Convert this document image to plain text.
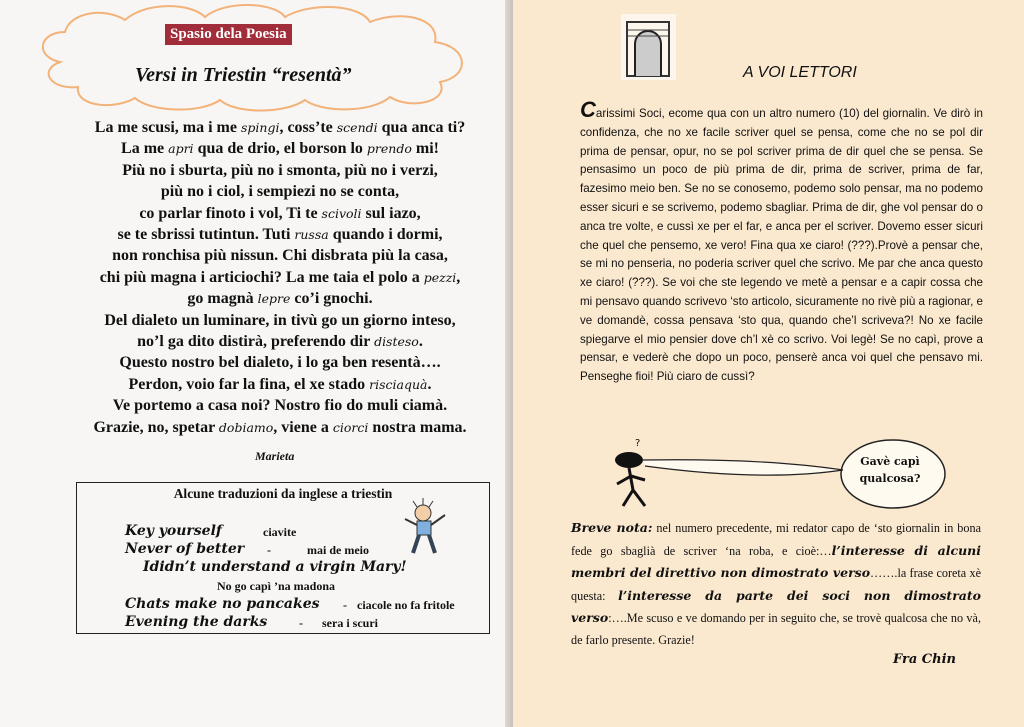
Spasio dela Poesia
Versi in Triestin “resentà”
La me scusi, ma i me spingi, coss’te scendi qua anca ti?
La me apri qua de drio, el borson lo prendo mi!
Più no i sburta, più no i smonta, più no i verzi,
più no i ciol, i sempiezi no se conta,
co parlar finoto i vol, Ti te scivoli sul iazo,
se te sbrissi tutintun. Tuti russa quando i dormi,
non ronchisa più nissun. Chi disbrata più la casa,
chi più magna i articiochi? La me taia el polo a pezzi,
go magnà lepre co’i gnochi.
Del dialeto un luminare, in tivù go un giorno inteso,
no’l ga dito distirà, preferendo dir disteso.
Questo nostro bel dialeto, i lo ga ben resentà….
Perdon, voio far la fina, el xe stado risciaquà.
Ve portemo a casa noi? Nostro fio do muli ciamà.
Grazie, no, spetar dobiamo, viene a ciorci nostra mama.
Marieta
Alcune traduzioni da inglese a triestin
Key yourself	ciavite
Never of better -	mai de meio
Ididn’t understand a virgin Mary!
No go capì ’na madona
Chats make no pancakes - ciacole no fa fritole
Evening the darks	- sera i scuri
A VOI LETTORI
Carissimi Soci, ecome qua con un altro numero (10) del giornalin. Ve dirò in confidenza, che no xe facile scriver quel se pensa, come che no se pol dir prima de pensar, opur, no se pol scriver prima de dir quel che se pensa. Se pensasimo un poco de più prima de dir, prima de scriver, prima de far, fazesimo meio ben. Se no se conosemo, podemo solo pensar, ma no podemo esser sicuri e se scrivemo, podemo sbagliar. Prima de dir, ghe vol pensar do o anca tre volte, e cussì xe per el far, e anca per el scriver. Dovemo esser sicuri che quel che pensemo, xe vero! Fina qua xe ciaro! (???).Provè a pensar che, se mi no penseria, no poderia scriver quel che scrivo. Me par che anca questo xe ciaro! (???). Se voi che ste legendo ve metè a pensar e a capir cossa che mi pensavo quando scrivevo ‘sto articolo, sicuramente no rivè più a ragionar, e ve domandè, cossa pensava ‘sto qua, quando che’l scriveva?! No xe facile spiegarve el mio pensier dove ch’l xè co scrivo. Voi legè! Se no capì, prove a pensar, e vederè che dopo un poco, penserè anca voi quel che pensavo mi. Penseghe fioi! Più ciaro de cussì?
?
Gavè capì
qualcosa?
Breve nota: nel numero precedente, mi redator capo de ‘sto giornalin in bona fede go sbaglià de scriver ‘na roba, e cioè:…l’interesse di alcuni membri del direttivo non dimostrato verso…….la frase coreta xè questa: l’interesse da parte dei soci non dimostrato verso:….Me scuso e ve domando per in seguito che, se trovè qualcosa che no và, de farlo presente. Grazie!
Fra Chin
